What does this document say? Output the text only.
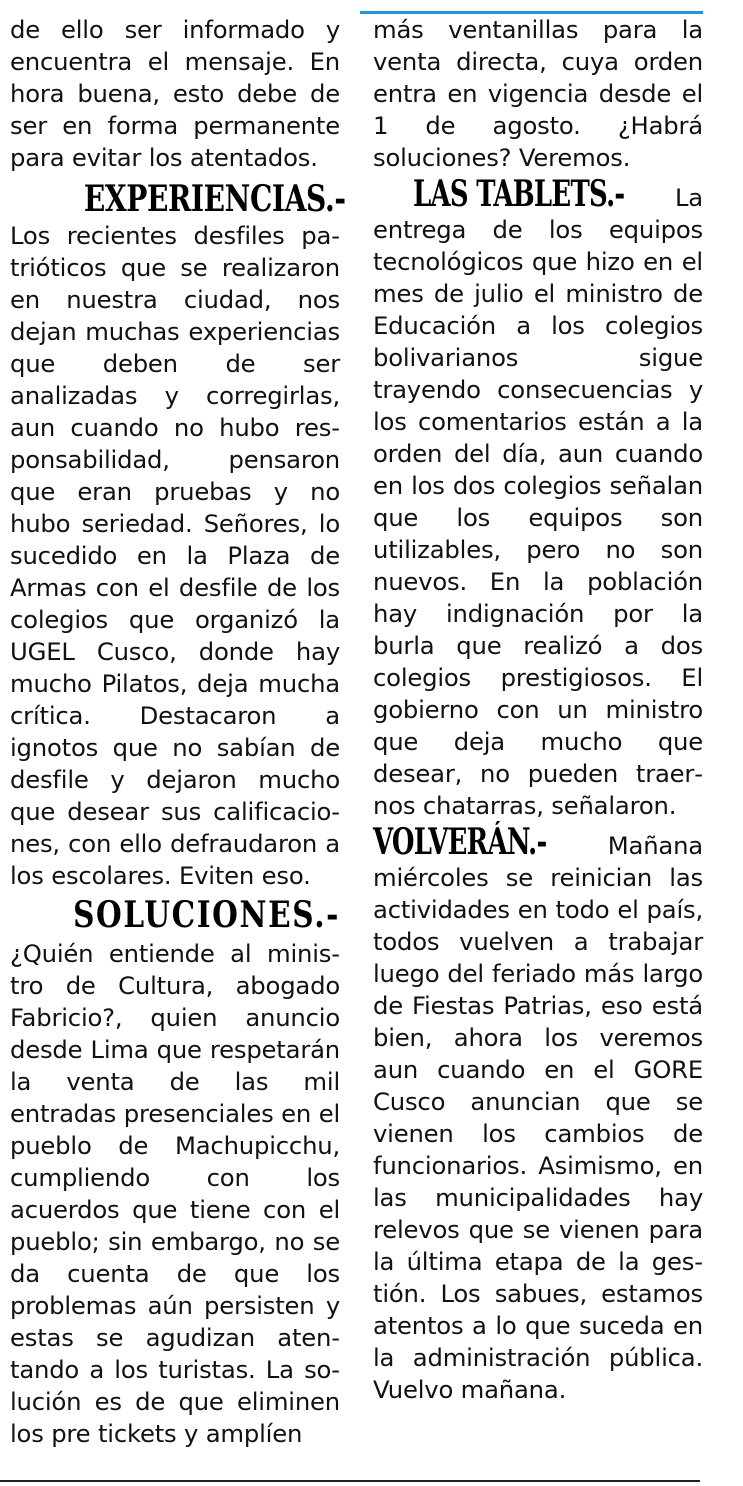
de ello ser informado y encuentra el mensaje. En hora buena, esto debe de ser en forma permanente para evitar los atentados.

EXPERIENCIAS.-

Los recientes desfiles patrióticos que se realizaron en nuestra ciudad, nos dejan muchas experiencias que deben de ser analizadas y corregirlas, aun cuando no hubo responsabilidad, pensaron que eran pruebas y no hubo seriedad. Señores, lo sucedido en la Plaza de Armas con el desfile de los colegios que organizó la UGEL Cusco, donde hay mucho Pilatos, deja mucha crítica. Destacaron a ignotos que no sabían de desfile y dejaron mucho que desear sus calificaciones, con ello defraudaron a los escolares. Eviten eso.

SOLUCIONES.-

¿Quién entiende al ministro de Cultura, abogado Fabricio?, quien anuncio desde Lima que respetarán la venta de las mil entradas presenciales en el pueblo de Machupicchu, cumpliendo con los acuerdos que tiene con el pueblo; sin embargo, no se da cuenta de que los problemas aún persisten y estas se agudizan atentando a los turistas. La solución es de que eliminen los pre tickets y amplíen

más ventanillas para la venta directa, cuya orden entra en vigencia desde el 1 de agosto. ¿Habrá soluciones? Veremos.

LAS TABLETS.- La entrega de los equipos tecnológicos que hizo en el mes de julio el ministro de Educación a los colegios bolivarianos sigue trayendo consecuencias y los comentarios están a la orden del día, aun cuando en los dos colegios señalan que los equipos son utilizables, pero no son nuevos. En la población hay indignación por la burla que realizó a dos colegios prestigiosos. El gobierno con un ministro que deja mucho que desear, no pueden traernos chatarras, señalaron.

VOLVERÁN.-	Mañana miércoles se reinician las actividades en todo el país, todos vuelven a trabajar luego del feriado más largo de Fiestas Patrias, eso está bien, ahora los veremos aun cuando en el GORE Cusco anuncian que se vienen los cambios de funcionarios. Asimismo, en las municipalidades hay relevos que se vienen para la última etapa de la gestión. Los sabues, estamos atentos a lo que suceda en la administración pública. Vuelvo mañana.
